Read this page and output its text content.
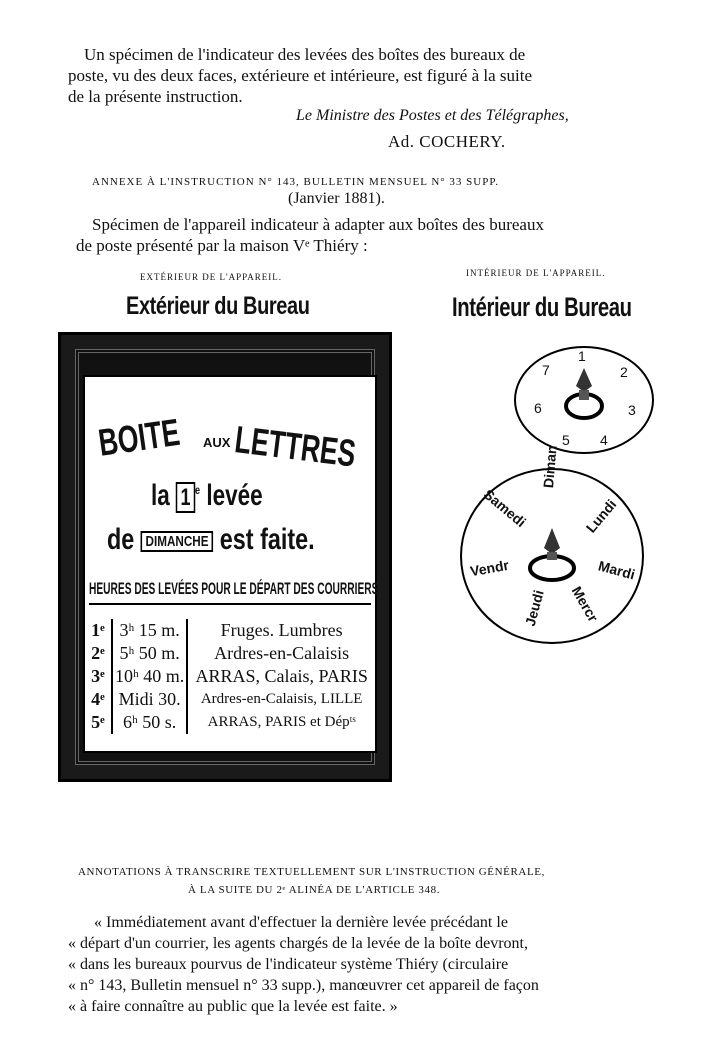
Un spécimen de l'indicateur des levées des boîtes des bureaux de
poste, vu des deux faces, extérieure et intérieure, est figuré à la suite
de la présente instruction.
Le Ministre des Postes et des Télégraphes,
Ad. COCHERY.
ANNEXE À L'INSTRUCTION N° 143, BULLETIN MENSUEL N° 33 SUPP.
(Janvier 1881).
Spécimen de l'appareil indicateur à adapter aux boîtes des bureaux
de poste présenté par la maison Vᵉ Thiéry :
EXTÉRIEUR DE L'APPAREIL.	INTÉRIEUR DE L'APPAREIL.
Extérieur du Bureau	Intérieur du Bureau
BOITE AUX LETTRES
la 1 $^e$ levée
de DIMANCHE est faite.
HEURES DES LEVÉES POUR LE DÉPART DES COURRIERS
1ᵉ	3ʰ 15 m.	Fruges. Lumbres
2ᵉ	5ʰ 50 m.	Ardres-en-Calaisis
3ᵉ	10ʰ 40 m.	ARRAS, Calais, PARIS
4ᵉ	Midi 30.	Ardres-en-Calaisis, LILLE
5ᵉ	6ʰ 50 s.	ARRAS, PARIS et Dépᵗˢ
1
2
3
4
5
6
7
Diman
Lundi
Mardi
Mercr
Jeudi
Vendr
Samedi
ANNOTATIONS À TRANSCRIRE TEXTUELLEMENT SUR L'INSTRUCTION GÉNÉRALE,
À LA SUITE DU 2ᵉ ALINÉA DE L'ARTICLE 348.
« Immédiatement avant d'effectuer la dernière levée précédant le
« départ d'un courrier, les agents chargés de la levée de la boîte devront,
« dans les bureaux pourvus de l'indicateur système Thiéry (circulaire
« n° 143, Bulletin mensuel n° 33 supp.), manœuvrer cet appareil de façon
« à faire connaître au public que la levée est faite. »
